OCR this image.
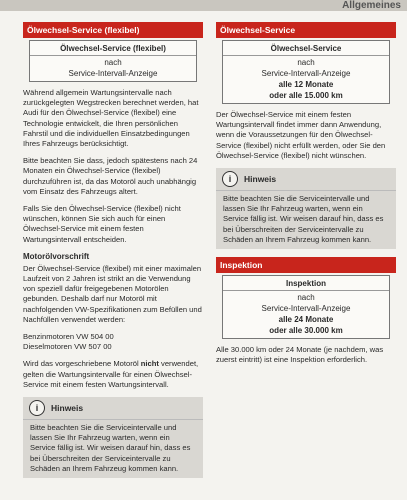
Allgemeines
Ölwechsel-Service (flexibel)
Ölwechsel-Service (flexibel)
nach
Service-Intervall-Anzeige

Während allgemein Wartungsintervalle nach zurückgelegten Wegstrecken berechnet werden, hat Audi für den Ölwechsel-Service (flexibel) eine Technologie entwickelt, die Ihren persönlichen Fahrstil und die individuellen Einsatzbedingungen Ihres Fahrzeugs berücksichtigt.

Bitte beachten Sie dass, jedoch spätestens nach 24 Monaten ein Ölwechsel-Service (flexibel) durchzuführen ist, da das Motoröl auch unabhängig vom Einsatz des Fahrzeugs altert.

Falls Sie den Ölwechsel-Service (flexibel) nicht wünschen, können Sie sich auch für einen Ölwechsel-Service mit einem festen Wartungsintervall entscheiden.

Motorölvorschrift

Der Ölwechsel-Service (flexibel) mit einer maximalen Laufzeit von 2 Jahren ist strikt an die Verwendung von speziell dafür freigegebenen Motorölen gebunden. Deshalb darf nur Motoröl mit nachfolgenden VW-Spezifikationen zum Befüllen und Nachfüllen verwendet werden:

Benzinmotoren VW 504 00
Dieselmotoren VW 507 00

Wird das vorgeschriebene Motoröl nicht verwendet, gelten die Wartungsintervalle für einen Ölwechsel-Service mit einem festen Wartungsintervall.

i	Hinweis
Bitte beachten Sie die Serviceintervalle und lassen Sie Ihr Fahrzeug warten, wenn ein Service fällig ist. Wir weisen darauf hin, dass es bei Überschreiten der Serviceintervalle zu Schäden an Ihrem Fahrzeug kommen kann.
Ölwechsel-Service
Ölwechsel-Service
nach
Service-Intervall-Anzeige
alle 12 Monate
oder alle 15.000 km

Der Ölwechsel-Service mit einem festen Wartungsintervall findet immer dann Anwendung, wenn die Voraussetzungen für den Ölwechsel-Service (flexibel) nicht erfüllt werden, oder Sie den Ölwechsel-Service (flexibel) nicht wünschen.

i	Hinweis
Bitte beachten Sie die Serviceintervalle und lassen Sie Ihr Fahrzeug warten, wenn ein Service fällig ist. Wir weisen darauf hin, dass es bei Überschreiten der Serviceintervalle zu Schäden an Ihrem Fahrzeug kommen kann.
Inspektion
Inspektion
nach
Service-Intervall-Anzeige
alle 24 Monate
oder alle 30.000 km

Alle 30.000 km oder 24 Monate (je nachdem, was zuerst eintritt) ist eine Inspektion erforderlich.
